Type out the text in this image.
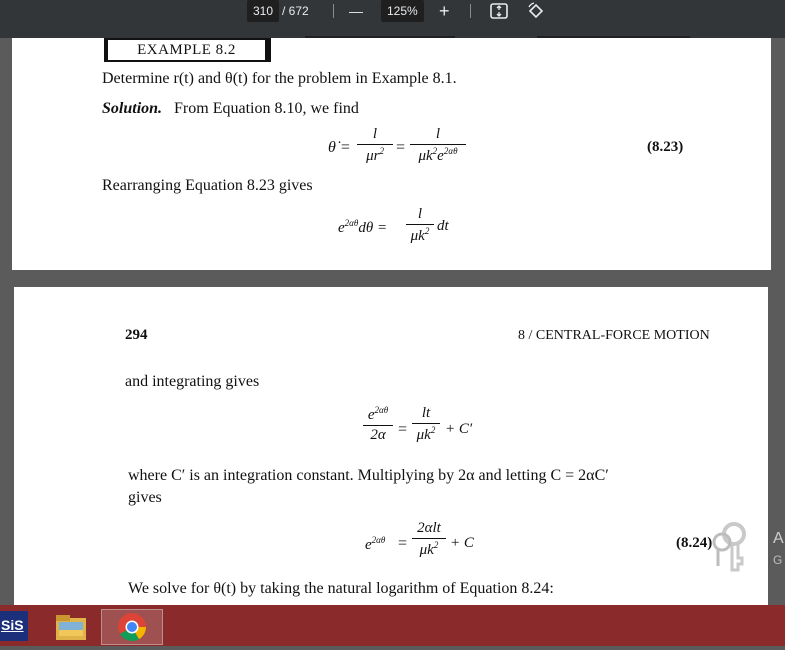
310 / 672	—	125%	+
EXAMPLE 8.2
Determine r(t) and θ(t) for the problem in Example 8.1.
Solution. From Equation 8.10, we find
θ̇ =
l
$\mu r^2$ =
l
$\mu k^2e^{2\alpha\theta}$	(8.23)
Rearranging Equation 8.23 gives
$e^{2\alpha\theta}d\theta$ =
l
$\mu k^2$ dt
294	8 / CENTRAL-FORCE MOTION
and integrating gives
$e^{2\alpha\theta}$
2α =
lt
$\mu k^2 + C'$
where C′ is an integration constant. Multiplying by 2α and letting C = 2αC′
gives
$e^{2\alpha\theta}$ =
2αlt
$\mu k^2 + C$	(8.24)
We solve for θ(t) by taking the natural logarithm of Equation 8.24:
A
G
SiS
